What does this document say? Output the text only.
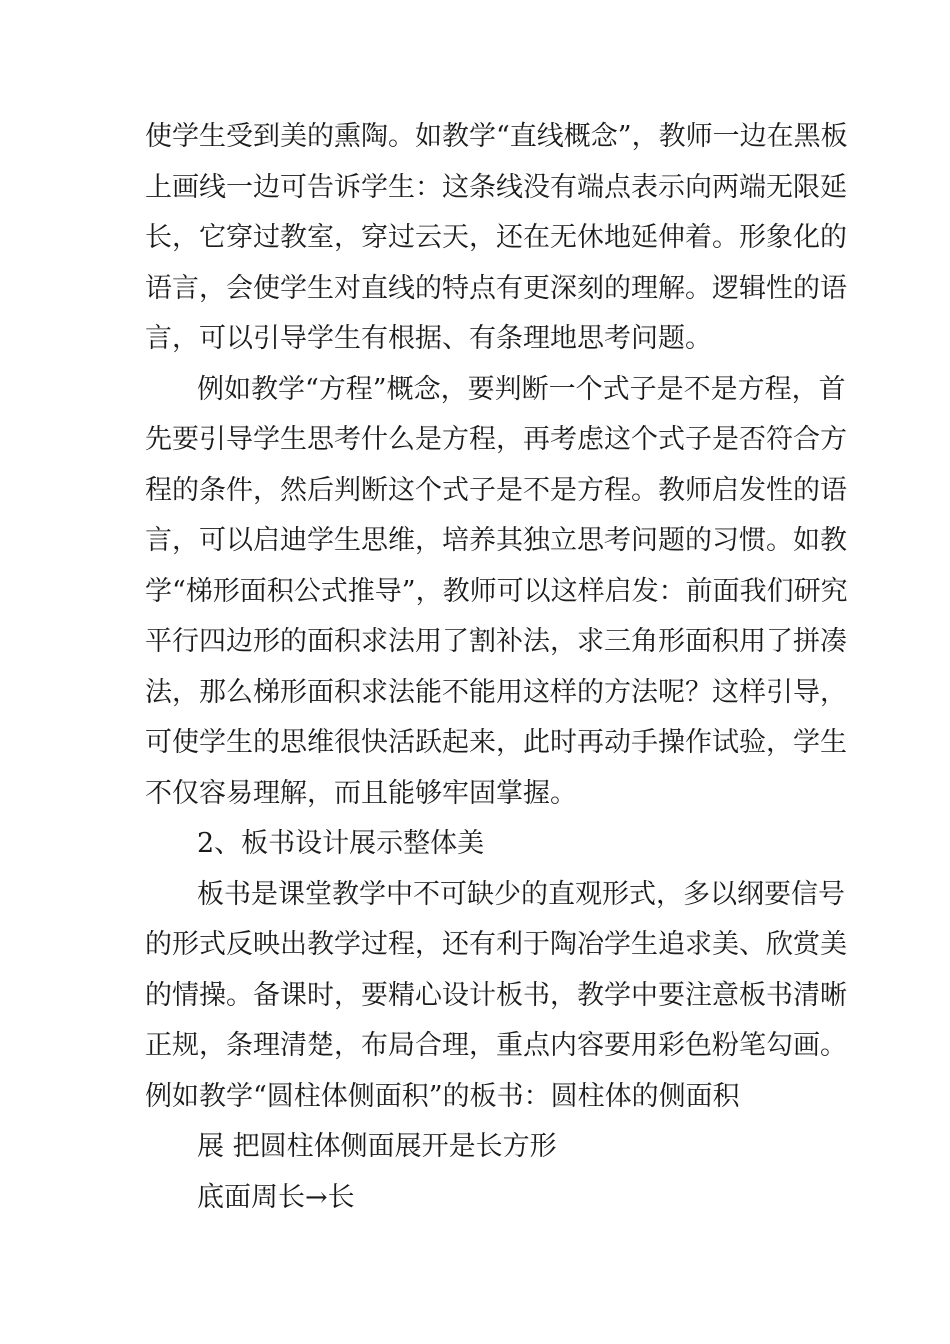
使学生受到美的熏陶。如教学“直线概念”，教师一边在黑板
上画线一边可告诉学生：这条线没有端点表示向两端无限延
长，它穿过教室，穿过云天，还在无休地延伸着。形象化的
语言，会使学生对直线的特点有更深刻的理解。逻辑性的语
言，可以引导学生有根据、有条理地思考问题。
例如教学“方程”概念，要判断一个式子是不是方程，首
先要引导学生思考什么是方程，再考虑这个式子是否符合方
程的条件，然后判断这个式子是不是方程。教师启发性的语
言，可以启迪学生思维，培养其独立思考问题的习惯。如教
学“梯形面积公式推导”，教师可以这样启发：前面我们研究
平行四边形的面积求法用了割补法，求三角形面积用了拼凑
法，那么梯形面积求法能不能用这样的方法呢？这样引导，
可使学生的思维很快活跃起来，此时再动手操作试验，学生
不仅容易理解，而且能够牢固掌握。
2、板书设计展示整体美
板书是课堂教学中不可缺少的直观形式，多以纲要信号
的形式反映出教学过程，还有利于陶冶学生追求美、欣赏美
的情操。备课时，要精心设计板书，教学中要注意板书清晰
正规，条理清楚，布局合理，重点内容要用彩色粉笔勾画。
例如教学“圆柱体侧面积”的板书：圆柱体的侧面积
展 把圆柱体侧面展开是长方形
底面周长→长
